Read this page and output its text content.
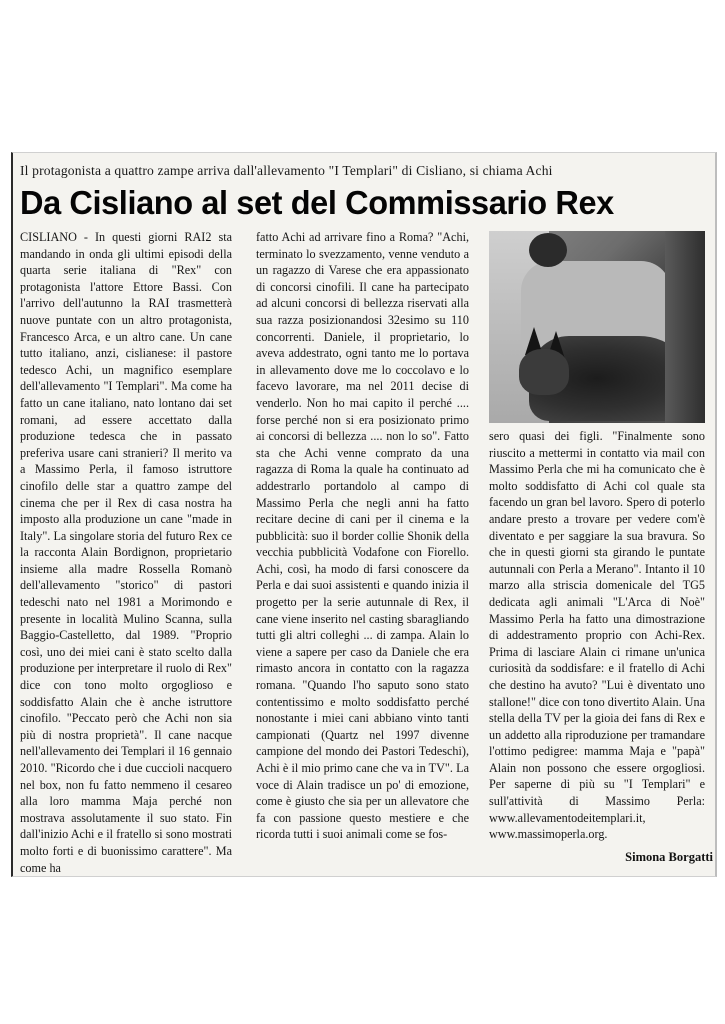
Il protagonista a quattro zampe arriva dall'allevamento "I Templari" di Cisliano, si chiama Achi
Da Cisliano al set del Commissario Rex

CISLIANO - In questi giorni RAI2 sta mandando in onda gli ultimi episodi della quarta serie italiana di "Rex" con protagonista l'attore Ettore Bassi. Con l'arrivo dell'autunno la RAI trasmetterà nuove puntate con un altro protagonista, Francesco Arca, e un altro cane. Un cane tutto italiano, anzi, cislianese: il pastore tedesco Achi, un magnifico esemplare dell'allevamento "I Templari". Ma come ha fatto un cane italiano, nato lontano dai set romani, ad essere accettato dalla produzione tedesca che in passato preferiva usare cani stranieri? Il merito va a Massimo Perla, il famoso istruttore cinofilo delle star a quattro zampe del cinema che per il Rex di casa nostra ha imposto alla produzione un cane "made in Italy". La singolare storia del futuro Rex ce la racconta Alain Bordignon, proprietario insieme alla madre Rossella Romanò dell'allevamento "storico" di pastori tedeschi nato nel 1981 a Morimondo e presente in località Mulino Scanna, sulla Baggio-Castelletto, dal 1989. "Proprio così, uno dei miei cani è stato scelto dalla produzione per interpretare il ruolo di Rex" dice con tono molto orgoglioso e soddisfatto Alain che è anche istruttore cinofilo. "Peccato però che Achi non sia più di nostra proprietà". Il cane nacque nell'allevamento dei Templari il 16 gennaio 2010. "Ricordo che i due cuccioli nacquero nel box, non fu fatto nemmeno il cesareo alla loro mamma Maja perché non mostrava assolutamente il suo stato. Fin dall'inizio Achi e il fratello si sono mostrati molto forti e di buonissimo carattere". Ma come ha

fatto Achi ad arrivare fino a Roma? "Achi, terminato lo svezzamento, venne venduto a un ragazzo di Varese che era appassionato di concorsi cinofili. Il cane ha partecipato ad alcuni concorsi di bellezza riservati alla sua razza posizionandosi 32esimo su 110 concorrenti. Daniele, il proprietario, lo aveva addestrato, ogni tanto me lo portava in allevamento dove me lo coccolavo e lo facevo lavorare, ma nel 2011 decise di venderlo. Non ho mai capito il perché .... forse perché non si era posizionato primo ai concorsi di bellezza .... non lo so". Fatto sta che Achi venne comprato da una ragazza di Roma la quale ha continuato ad addestrarlo portandolo al campo di Massimo Perla che negli anni ha fatto recitare decine di cani per il cinema e la pubblicità: suo il border collie Shonik della vecchia pubblicità Vodafone con Fiorello. Achi, così, ha modo di farsi conoscere da Perla e dai suoi assistenti e quando inizia il progetto per la serie autunnale di Rex, il cane viene inserito nel casting sbaragliando tutti gli altri colleghi ... di zampa. Alain lo viene a sapere per caso da Daniele che era rimasto ancora in contatto con la ragazza romana. "Quando l'ho saputo sono stato contentissimo e molto soddisfatto perché nonostante i miei cani abbiano vinto tanti campionati (Quartz nel 1997 divenne campione del mondo dei Pastori Tedeschi), Achi è il mio primo cane che va in TV". La voce di Alain tradisce un po' di emozione, come è giusto che sia per un allevatore che fa con passione questo mestiere e che ricorda tutti i suoi animali come se fos-

sero quasi dei figli. "Finalmente sono riuscito a mettermi in contatto via mail con Massimo Perla che mi ha comunicato che è molto soddisfatto di Achi col quale sta facendo un gran bel lavoro. Spero di poterlo andare presto a trovare per vedere com'è diventato e per saggiare la sua bravura. So che in questi giorni sta girando le puntate autunnali con Perla a Merano". Intanto il 10 marzo alla striscia domenicale del TG5 dedicata agli animali "L'Arca di Noè" Massimo Perla ha fatto una dimostrazione di addestramento proprio con Achi-Rex. Prima di lasciare Alain ci rimane un'unica curiosità da soddisfare: e il fratello di Achi che destino ha avuto? "Lui è diventato uno stallone!" dice con tono divertito Alain. Una stella della TV per la gioia dei fans di Rex e un addetto alla riproduzione per tramandare l'ottimo pedigree: mamma Maja e "papà" Alain non possono che essere orgogliosi. Per saperne di più su "I Templari" e sull'attività di Massimo Perla: www.allevamentodeitemplari.it, www.massimoperla.org.

Simona Borgatti
